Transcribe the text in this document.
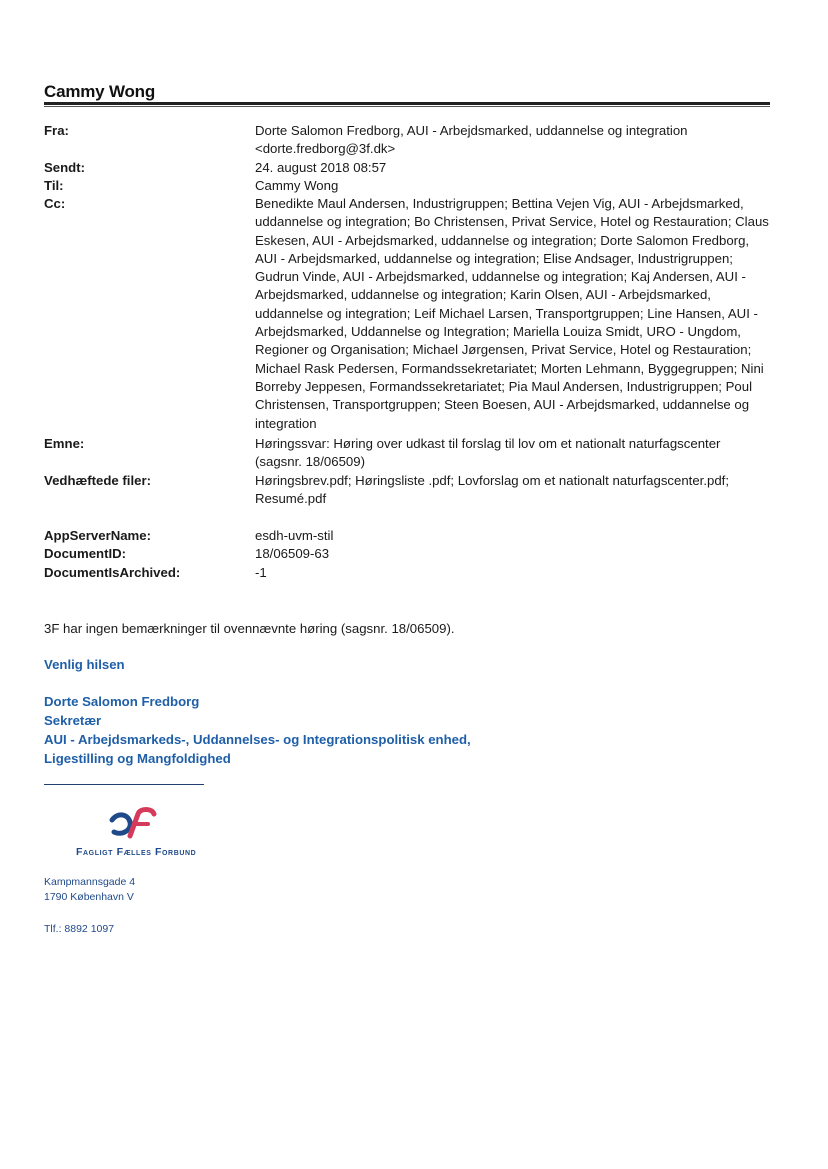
Cammy Wong
Fra:	Dorte Salomon Fredborg, AUI - Arbejdsmarked, uddannelse og integration <dorte.fredborg@3f.dk>
Sendt:	24. august 2018 08:57
Til:	Cammy Wong
Cc:	Benedikte Maul Andersen, Industrigruppen; Bettina Vejen Vig, AUI - Arbejdsmarked, uddannelse og integration; Bo Christensen, Privat Service, Hotel og Restauration; Claus Eskesen, AUI - Arbejdsmarked, uddannelse og integration; Dorte Salomon Fredborg, AUI - Arbejdsmarked, uddannelse og integration; Elise Andsager, Industrigruppen; Gudrun Vinde, AUI - Arbejdsmarked, uddannelse og integration; Kaj Andersen, AUI - Arbejdsmarked, uddannelse og integration; Karin Olsen, AUI - Arbejdsmarked, uddannelse og integration; Leif Michael Larsen, Transportgruppen; Line Hansen, AUI - Arbejdsmarked, Uddannelse og Integration; Mariella Louiza Smidt, URO - Ungdom, Regioner og Organisation; Michael Jørgensen, Privat Service, Hotel og Restauration; Michael Rask Pedersen, Formandssekretariatet; Morten Lehmann, Byggegruppen; Nini Borreby Jeppesen, Formandssekretariatet; Pia Maul Andersen, Industrigruppen; Poul Christensen, Transportgruppen; Steen Boesen, AUI - Arbejdsmarked, uddannelse og integration
Emne:	Høringssvar: Høring over udkast til forslag til lov om et nationalt naturfagscenter (sagsnr. 18/06509)
Vedhæftede filer:	Høringsbrev.pdf; Høringsliste .pdf; Lovforslag om et nationalt naturfagscenter.pdf; Resumé.pdf
AppServerName:	esdh-uvm-stil
DocumentID:	18/06509-63
DocumentIsArchived:	-1
3F har ingen bemærkninger til ovennævnte høring (sagsnr. 18/06509).
Venlig hilsen
Dorte Salomon Fredborg
Sekretær
AUI - Arbejdsmarkeds-, Uddannelses- og Integrationspolitisk enhed,
Ligestilling og Mangfoldighed
Fagligt Fælles Forbund
Kampmannsgade 4
1790 København V
Tlf.: 8892 1097
